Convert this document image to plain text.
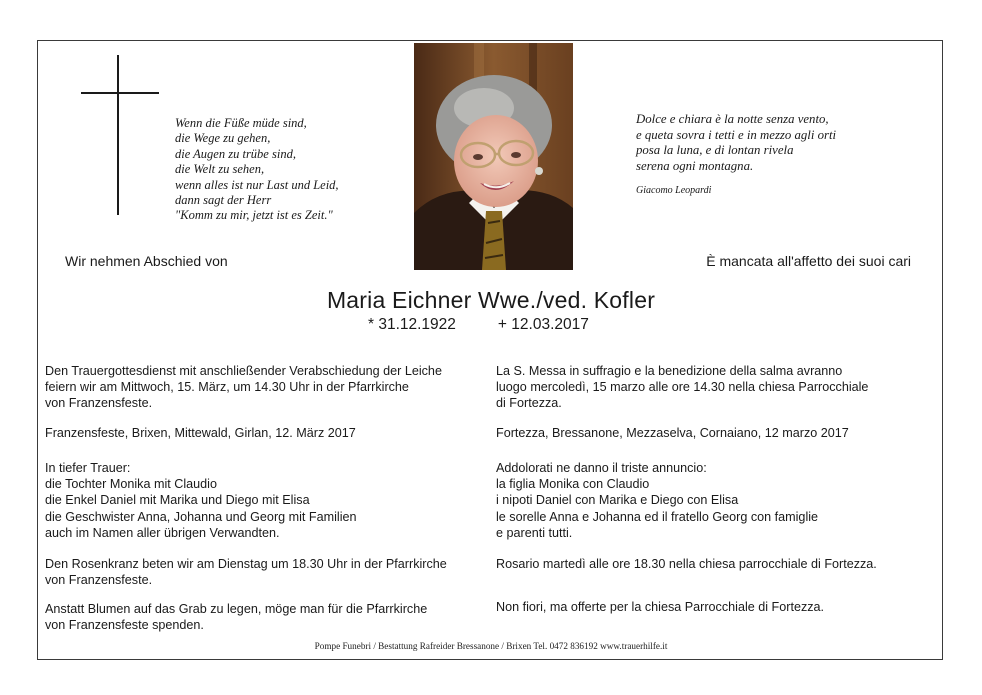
Wenn die Füße müde sind,
die Wege zu gehen,
die Augen zu trübe sind,
die Welt zu sehen,
wenn alles ist nur Last und Leid,
dann sagt der Herr
"Komm zu mir, jetzt ist es Zeit."
Dolce e chiara è la notte senza vento,
e queta sovra i tetti e in mezzo agli orti
posa la luna, e di lontan rivela
serena ogni montagna.
Giacomo Leopardi
Wir nehmen Abschied von	È mancata all'affetto dei suoi cari
Maria Eichner Wwe./ved. Kofler
* 31.12.1922	+ 12.03.2017
Den Trauergottesdienst mit anschließender Verabschiedung der Leiche
feiern wir am Mittwoch, 15. März, um 14.30 Uhr in der Pfarrkirche
von Franzensfeste.
Franzensfeste, Brixen, Mittewald, Girlan, 12. März 2017
In tiefer Trauer:
die Tochter Monika mit Claudio
die Enkel Daniel mit Marika und Diego mit Elisa
die Geschwister Anna, Johanna und Georg mit Familien
auch im Namen aller übrigen Verwandten.
Den Rosenkranz beten wir am Dienstag um 18.30 Uhr in der Pfarrkirche
von Franzensfeste.
Anstatt Blumen auf das Grab zu legen, möge man für die Pfarrkirche
von Franzensfeste spenden.
La S. Messa in suffragio e la benedizione della salma avranno
luogo mercoledì, 15 marzo alle ore 14.30 nella chiesa Parrocchiale
di Fortezza.
Fortezza, Bressanone, Mezzaselva, Cornaiano, 12 marzo 2017
Addolorati ne danno il triste annuncio:
la figlia Monika con Claudio
i nipoti Daniel con Marika e Diego con Elisa
le sorelle Anna e Johanna ed il fratello Georg con famiglie
e parenti tutti.
Rosario martedì alle ore 18.30 nella chiesa parrocchiale di Fortezza.
Non fiori, ma offerte per la chiesa Parrocchiale di Fortezza.
Pompe Funebri / Bestattung Rafreider Bressanone / Brixen Tel. 0472 836192 www.trauerhilfe.it
